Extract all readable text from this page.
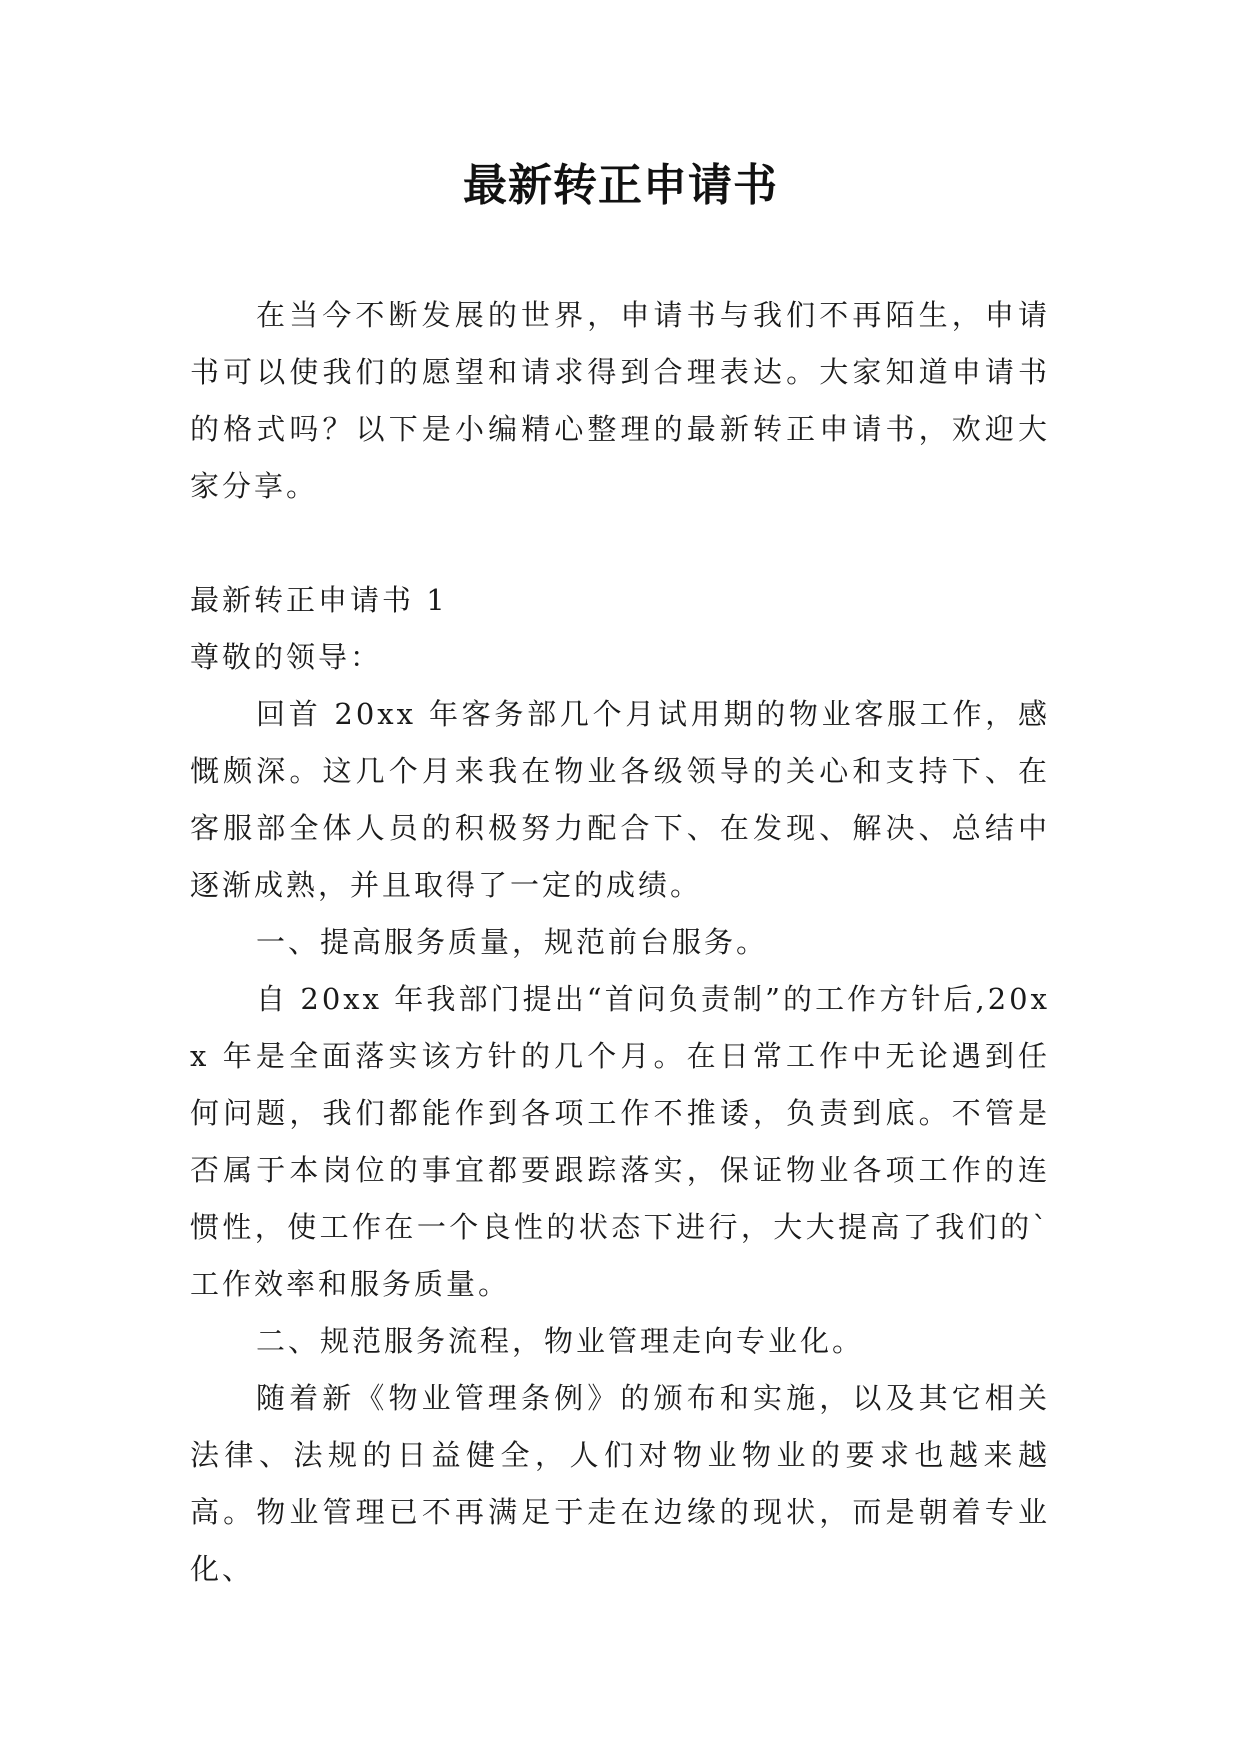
最新转正申请书

在当今不断发展的世界，申请书与我们不再陌生，申请书可以使我们的愿望和请求得到合理表达。大家知道申请书的格式吗？以下是小编精心整理的最新转正申请书，欢迎大家分享。

最新转正申请书 1

尊敬的领导：

回首 20xx 年客务部几个月试用期的物业客服工作，感慨颇深。这几个月来我在物业各级领导的关心和支持下、在客服部全体人员的积极努力配合下、在发现、解决、总结中逐渐成熟，并且取得了一定的成绩。

一、提高服务质量，规范前台服务。

自 20xx 年我部门提出“首问负责制”的工作方针后,20xx 年是全面落实该方针的几个月。在日常工作中无论遇到任何问题，我们都能作到各项工作不推诿，负责到底。不管是否属于本岗位的事宜都要跟踪落实，保证物业各项工作的连惯性，使工作在一个良性的状态下进行，大大提高了我们的`工作效率和服务质量。

二、规范服务流程，物业管理走向专业化。

随着新《物业管理条例》的颁布和实施，以及其它相关法律、法规的日益健全，人们对物业物业的要求也越来越高。物业管理已不再满足于走在边缘的现状，而是朝着专业化、
